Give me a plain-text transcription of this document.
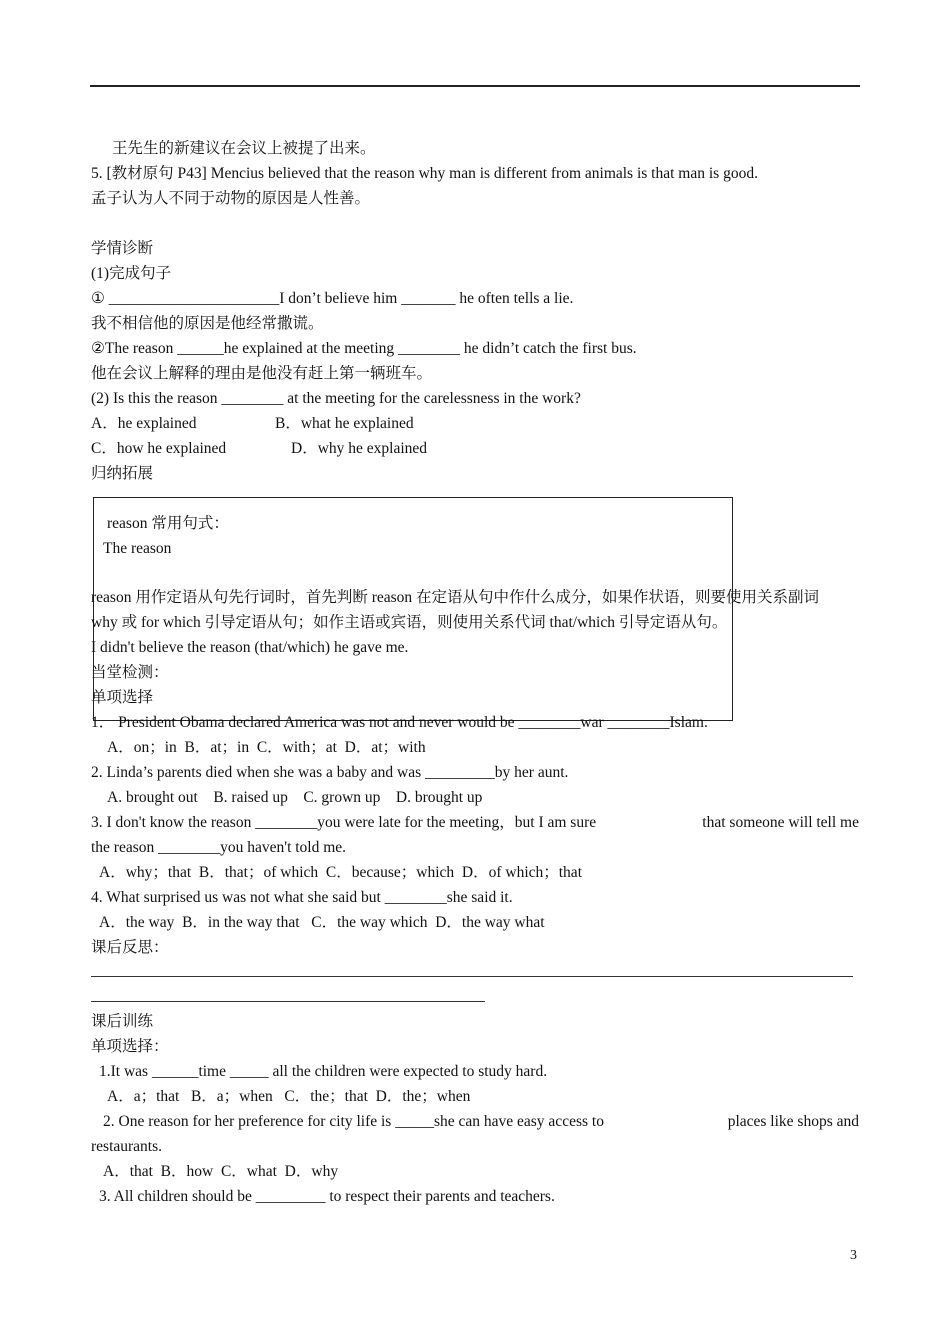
王先生的新建议在会议上被提了出来。
5. [教材原句 P43] Mencius believed that the reason why man is different from animals is that man is good.
孟子认为人不同于动物的原因是人性善。
学情诊断
(1)完成句子
① ______________________I don’t believe him _______ he often tells a lie.
我不相信他的原因是他经常撒谎。
②The reason ______he explained at the meeting ________ he didn’t catch the first bus.
他在会议上解释的理由是他没有赶上第一辆班车。
(2) Is this the reason ________ at the meeting for the carelessness in the work?
A．he explained	B．what he explained
C．how he explained	D．why he explained
归纳拓展
reason 常用句式：
The reason
reason 用作定语从句先行词时，首先判断 reason 在定语从句中作什么成分，如果作状语，则要使用关系副词
why 或 for which 引导定语从句；如作主语或宾语，则使用关系代词 that/which 引导定语从句。
I didn't believe the reason (that/which) he gave me.
当堂检测：
单项选择
1． President Obama declared America was not and never would be ________war ________Islam.
A．on；in  B．at；in  C．with；at  D．at；with
2. Linda’s parents died when she was a baby and was _________by her aunt.
A. brought out    B. raised up    C. grown up    D. brought up
3. I don't know the reason ________you were late for the meeting，but I am sure	that someone will tell me
the reason ________you haven't told me.
A．why；that  B．that；of which  C．because；which  D．of which；that
4. What surprised us was not what she said but ________she said it.
A．the way  B．in the way that   C．the way which  D．the way what
课后反思：
课后训练
单项选择：
1.It was ______time _____ all the children were expected to study hard.
A．a；that   B．a；when   C．the；that  D．the；when
2. One reason for her preference for city life is _____she can have easy access to	places like shops and
restaurants.
A．that  B．how  C．what  D．why
3. All children should be _________ to respect their parents and teachers.
3
